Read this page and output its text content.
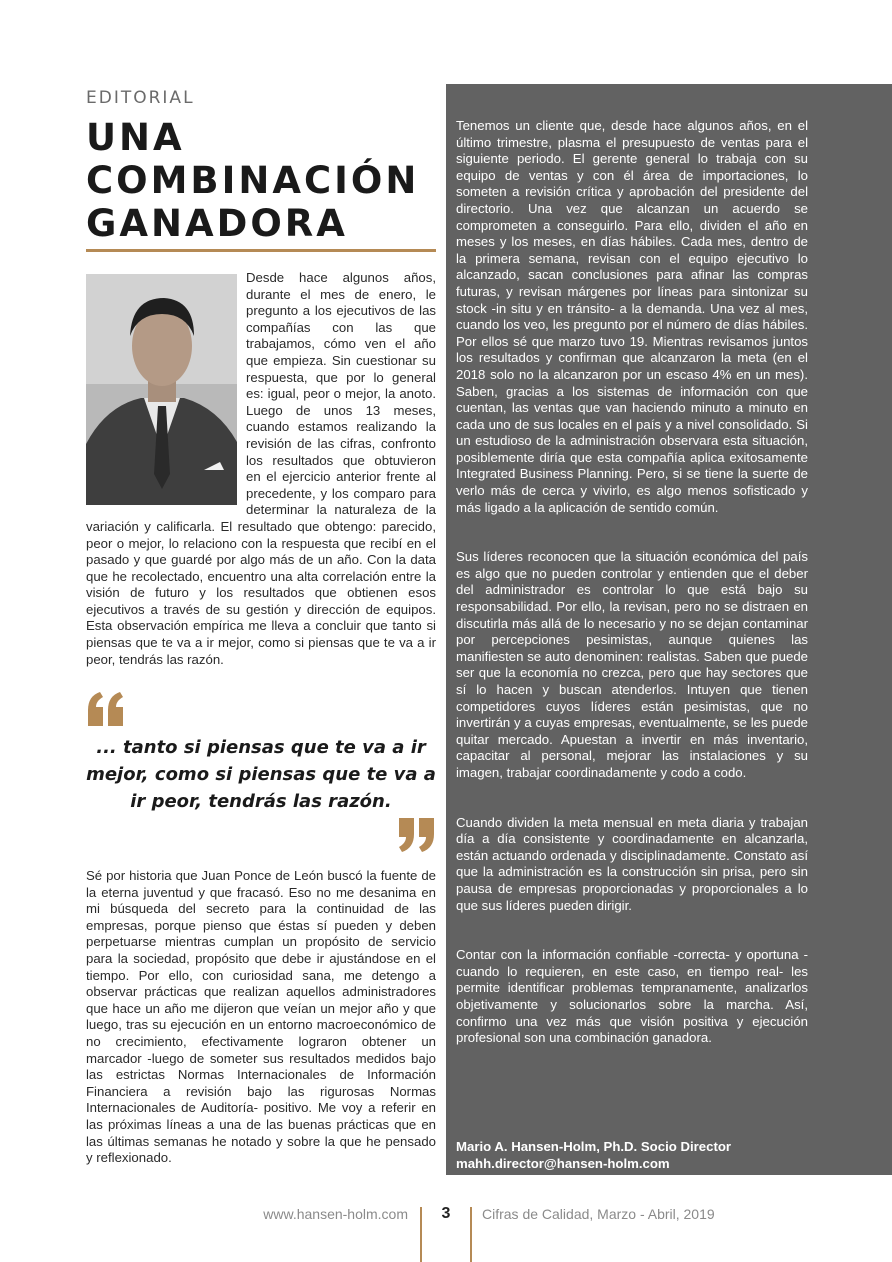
EDITORIAL
UNA
COMBINACIÓN
GANADORA

Desde hace algunos años, durante el mes de enero, le pregunto a los ejecutivos de las compañías con las que trabajamos, cómo ven el año que empieza. Sin cuestionar su respuesta, que por lo general es: igual, peor o mejor, la anoto. Luego de unos 13 meses, cuando estamos realizando la revisión de las cifras, confronto los resultados que obtuvieron en el ejercicio anterior frente al precedente, y los comparo para determinar la naturaleza de la variación y calificarla. El resultado que obtengo: parecido, peor o mejor, lo relaciono con la respuesta que recibí en el pasado y que guardé por algo más de un año. Con la data que he recolectado, encuentro una alta correlación entre la visión de futuro y los resultados que obtienen esos ejecutivos a través de su gestión y dirección de equipos. Esta observación empírica me lleva a concluir que tanto si piensas que te va a ir mejor, como si piensas que te va a ir peor, tendrás las razón.

... tanto si piensas que te va a ir mejor, como si piensas que te va a ir peor, tendrás las razón.

Sé por historia que Juan Ponce de León buscó la fuente de la eterna juventud y que fracasó. Eso no me desanima en mi búsqueda del secreto para la continuidad de las empresas, porque pienso que éstas sí pueden y deben perpetuarse mientras cumplan un propósito de servicio para la sociedad, propósito que debe ir ajustándose en el tiempo. Por ello, con curiosidad sana, me detengo a observar prácticas que realizan aquellos administradores que hace un año me dijeron que veían un mejor año y que luego, tras su ejecución en un entorno macroeconómico de no crecimiento, efectivamente lograron obtener un marcador -luego de someter sus resultados medidos bajo las estrictas Normas Internacionales de Información Financiera a revisión bajo las rigurosas Normas Internacionales de Auditoría- positivo. Me voy a referir en las próximas líneas a una de las buenas prácticas que en las últimas semanas he notado y sobre la que he pensado y reflexionado.

Tenemos un cliente que, desde hace algunos años, en el último trimestre, plasma el presupuesto de ventas para el siguiente periodo. El gerente general lo trabaja con su equipo de ventas y con él área de importaciones, lo someten a revisión crítica y aprobación del presidente del directorio. Una vez que alcanzan un acuerdo se comprometen a conseguirlo. Para ello, dividen el año en meses y los meses, en días hábiles. Cada mes, dentro de la primera semana, revisan con el equipo ejecutivo lo alcanzado, sacan conclusiones para afinar las compras futuras, y revisan márgenes por líneas para sintonizar su stock -in situ y en tránsito- a la demanda. Una vez al mes, cuando los veo, les pregunto por el número de días hábiles. Por ellos sé que marzo tuvo 19. Mientras revisamos juntos los resultados y confirman que alcanzaron la meta (en el 2018 solo no la alcanzaron por un escaso 4% en un mes). Saben, gracias a los sistemas de información con que cuentan, las ventas que van haciendo minuto a minuto en cada uno de sus locales en el país y a nivel consolidado. Si un estudioso de la administración observara esta situación, posiblemente diría que esta compañía aplica exitosamente Integrated Business Planning. Pero, si se tiene la suerte de verlo más de cerca y vivirlo, es algo menos sofisticado y más ligado a la aplicación de sentido común.

Sus líderes reconocen que la situación económica del país es algo que no pueden controlar y entienden que el deber del administrador es controlar lo que está bajo su responsabilidad. Por ello, la revisan, pero no se distraen en discutirla más allá de lo necesario y no se dejan contaminar por percepciones pesimistas, aunque quienes las manifiesten se auto denominen: realistas. Saben que puede ser que la economía no crezca, pero que hay sectores que sí lo hacen y buscan atenderlos. Intuyen que tienen competidores cuyos líderes están pesimistas, que no invertirán y a cuyas empresas, eventualmente, se les puede quitar mercado. Apuestan a invertir en más inventario, capacitar al personal, mejorar las instalaciones y su imagen, trabajar coordinadamente y codo a codo.

Cuando dividen la meta mensual en meta diaria y trabajan día a día consistente y coordinadamente en alcanzarla, están actuando ordenada y disciplinadamente. Constato así que la administración es la construcción sin prisa, pero sin pausa de empresas proporcionadas y proporcionales a lo que sus líderes pueden dirigir.

Contar con la información confiable -correcta- y oportuna -cuando lo requieren, en este caso, en tiempo real- les permite identificar problemas tempranamente, analizarlos objetivamente y solucionarlos sobre la marcha. Así, confirmo una vez más que visión positiva y ejecución profesional son una combinación ganadora.

Mario A. Hansen-Holm, Ph.D. Socio Director
mahh.director@hansen-holm.com
www.hansen-holm.com	3	Cifras de Calidad, Marzo - Abril, 2019
